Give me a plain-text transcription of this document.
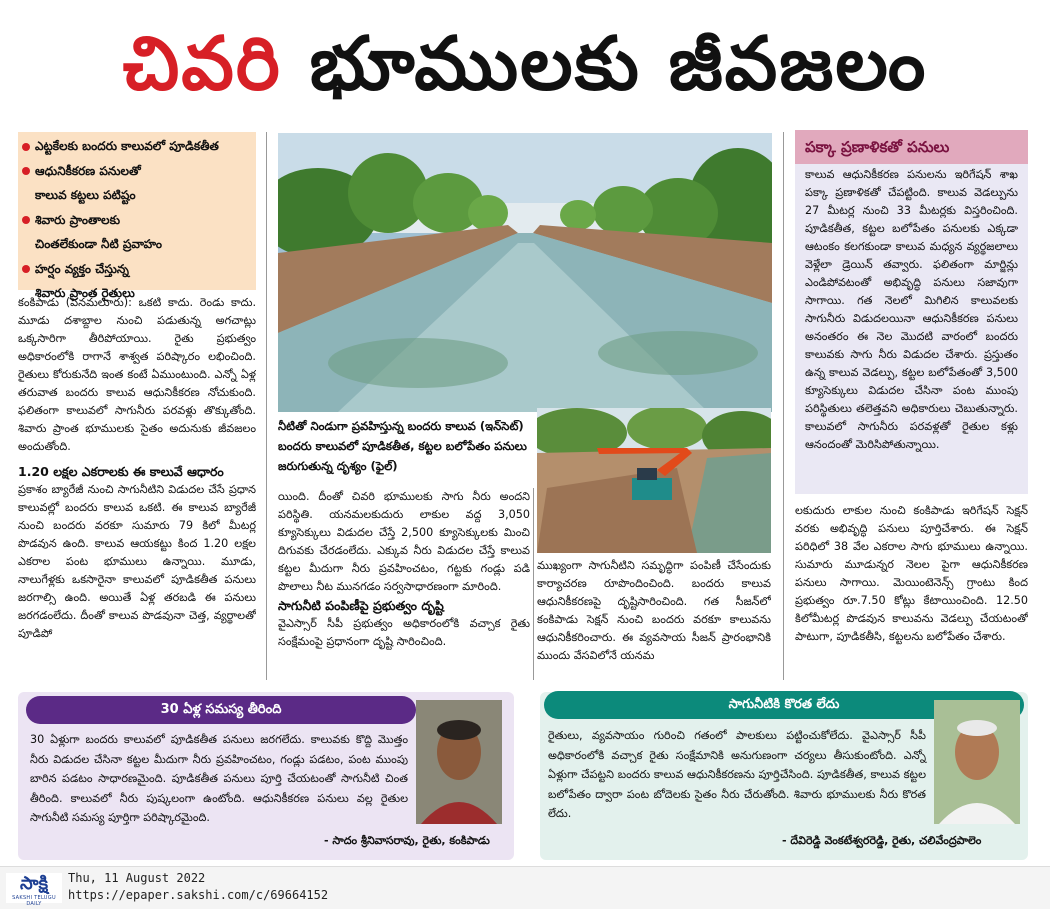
చివరి భూములకు జీవజలం
ఎట్టకేలకు బందరు కాలువలో పూడికతీత
ఆధునికీకరణ పనులతో
కాలువ కట్టలు పటిష్టం
శివారు ప్రాంతాలకు
చింతలేకుండా నీటి ప్రవాహం
హర్షం వ్యక్తం చేస్తున్న
శివారు ప్రాంత రైతులు

కంకిపాడు (పెనమలూరు): ఒకటి కాదు. రెండు కాదు. మూడు దశాబ్దాల నుంచి పడుతున్న అగచాట్లు ఒక్కసారిగా తీరిపోయాయి. రైతు ప్రభుత్వం అధికారంలోకి రాగానే శాశ్వత పరిష్కారం లభించింది. రైతులు కోరుకునేది ఇంత కంటే ఏముంటుంది. ఎన్నో ఏళ్ల తరువాత బందరు కాలువ ఆధునికీకరణ నోచుకుంది. ఫలితంగా కాలువలో సాగునీరు పరవళ్లు తొక్కుతోంది. శివారు ప్రాంత భూములకు సైతం అదునుకు జీవజలం అందుతోంది.

1.20 లక్షల ఎకరాలకు ఈ కాలువే ఆధారం

ప్రకాశం బ్యారేజీ నుంచి సాగునీటిని విడుదల చేసే ప్రధాన కాలువల్లో బందరు కాలువ ఒకటి. ఈ కాలువ బ్యారేజీ నుంచి బందరు వరకూ సుమారు 79 కిలో మీటర్ల పొడవున ఉంది. కాలువ ఆయకట్టు కింద 1.20 లక్షల ఎకరాల పంట భూములు ఉన్నాయి. మూడు, నాలుగేళ్లకు ఒకసారైనా కాలువలో పూడికతీత పనులు జరగాల్సి ఉంది. అయితే ఏళ్ల తరబడి ఈ పనులు జరగడంలేదు. దీంతో కాలువ పొడవునా చెత్త, వ్యర్థాలతో పూడిపో

నీటితో నిండుగా ప్రవహిస్తున్న బందరు కాలువ (ఇన్‌సెట్) బందరు కాలువలో పూడికతీత, కట్టల బలోపేతం పనులు జరుగుతున్న దృశ్యం (ఫైల్)

యింది. దీంతో చివరి భూములకు సాగు నీరు అందని పరిస్థితి. యనమలకుదురు లాకుల వద్ద 3,050 క్యూసెక్కులు విడుదల చేస్తే 2,500 క్యూసెక్కులకు మించి దిగువకు చేరడంలేదు. ఎక్కువ నీరు విడుదల చేస్తే కాలువ కట్టల మీదుగా నీరు ప్రవహించటం, గట్టకు గండ్లు పడి పొలాలు నీట మునగడం సర్వసాధారణంగా మారింది.

సాగునీటి పంపిణీపై ప్రభుత్వం దృష్టి

వైఎస్సార్ సీపీ ప్రభుత్వం అధికారంలోకి వచ్చాక రైతు సంక్షేమంపై ప్రధానంగా దృష్టి సారించింది.

ముఖ్యంగా సాగునీటిని సమృద్ధిగా పంపిణీ చేసేందుకు కార్యాచరణ రూపొందించింది. బందరు కాలువ ఆధునికీకరణపై దృష్టిసారించింది. గత సీజన్‌లో కంకిపాడు సెక్షన్ నుంచి బందరు వరకూ కాలువను ఆధునికీకరించారు. ఈ వ్యవసాయ సీజన్ ప్రారంభానికి ముందు వేసవిలోనే యనమ

పక్కా ప్రణాళికతో పనులు

కాలువ ఆధునికీకరణ పనులను ఇరిగేషన్ శాఖ పక్కా ప్రణాళికతో చేపట్టింది. కాలువ వెడల్పును 27 మీటర్ల నుంచి 33 మీటర్లకు విస్తరించింది. పూడికతీత, కట్టల బలోపేతం పనులకు ఎక్కడా ఆటంకం కలగకుండా కాలువ మధ్యన వ్యర్థజలాలు వెళ్లేలా డ్రెయిన్ తవ్వారు. ఫలితంగా మార్జిన్లు ఎండిపోవటంతో అభివృద్ధి పనులు సజావుగా సాగాయి. గత నెలలో మిగిలిన కాలువలకు సాగునీరు విడుదలయినా ఆధునికీకరణ పనులు అనంతరం ఈ నెల మొదటి వారంలో బందరు కాలువకు సాగు నీరు విడుదల చేశారు. ప్రస్తుతం ఉన్న కాలువ వెడల్పు, కట్టల బలోపేతంతో 3,500 క్యూసెక్కులు విడుదల చేసినా పంట ముంపు పరిస్థితులు తలెత్తవని అధికారులు చెబుతున్నారు. కాలువలో సాగునీరు పరవళ్లతో రైతుల కళ్లు ఆనందంతో మెరిసిపోతున్నాయి.

లకుదురు లాకుల నుంచి కంకిపాడు ఇరిగేషన్ సెక్షన్ వరకు అభివృద్ధి పనులు పూర్తిచేశారు. ఈ సెక్షన్ పరిధిలో 38 వేల ఎకరాల సాగు భూములు ఉన్నాయి. సుమారు మూడున్నర నెలల పైగా ఆధునికీకరణ పనులు సాగాయి. మెయింటెనెన్స్ గ్రాంటు కింద ప్రభుత్వం రూ.7.50 కోట్లు కేటాయించింది. 12.50 కిలోమీటర్ల పొడవున కాలువను వెడల్పు చేయటంతో పాటుగా, పూడికతీసి, కట్టలను బలోపేతం చేశారు.

30 ఏళ్ల సమస్య తీరింది
30 ఏళ్లుగా బందరు కాలువలో పూడికతీత పనులు జరగలేదు. కాలువకు కొద్ది మొత్తం నీరు విడుదల చేసినా కట్టల మీదుగా నీరు ప్రవహించటం, గండ్లు పడటం, పంట ముంపు బారిన పడటం సాధారణమైంది. పూడికతీత పనులు పూర్తి చేయటంతో సాగునీటి చింత తీరింది. కాలువలో నీరు పుష్కలంగా ఉంటోంది. ఆధునికీకరణ పనులు వల్ల రైతుల సాగునీటి సమస్య పూర్తిగా పరిష్కారమైంది.
- సాదం శ్రీనివాసరావు, రైతు, కంకిపాడు
సాగునీటికి కొరత లేదు
రైతులు, వ్యవసాయం గురించి గతంలో పాలకులు పట్టించుకోలేదు. వైఎస్సార్ సీపీ అధికారంలోకి వచ్చాక రైతు సంక్షేమానికి అనుగుణంగా చర్యలు తీసుకుంటోంది. ఎన్నో ఏళ్లుగా చేపట్టని బందరు కాలువ ఆధునికీకరణను పూర్తిచేసింది. పూడికతీత, కాలువ కట్టల బలోపేతం ద్వారా పంట బోదెలకు సైతం నీరు చేరుతోంది. శివారు భూములకు నీరు కొరత లేదు.
- దేవిరెడ్డి వెంకటేశ్వరరెడ్డి, రైతు, చలివేంద్రపాలెం
సాక్షి
SAKSHI TELUGU DAILY
Thu, 11 August 2022
https://epaper.sakshi.com/c/69664152
